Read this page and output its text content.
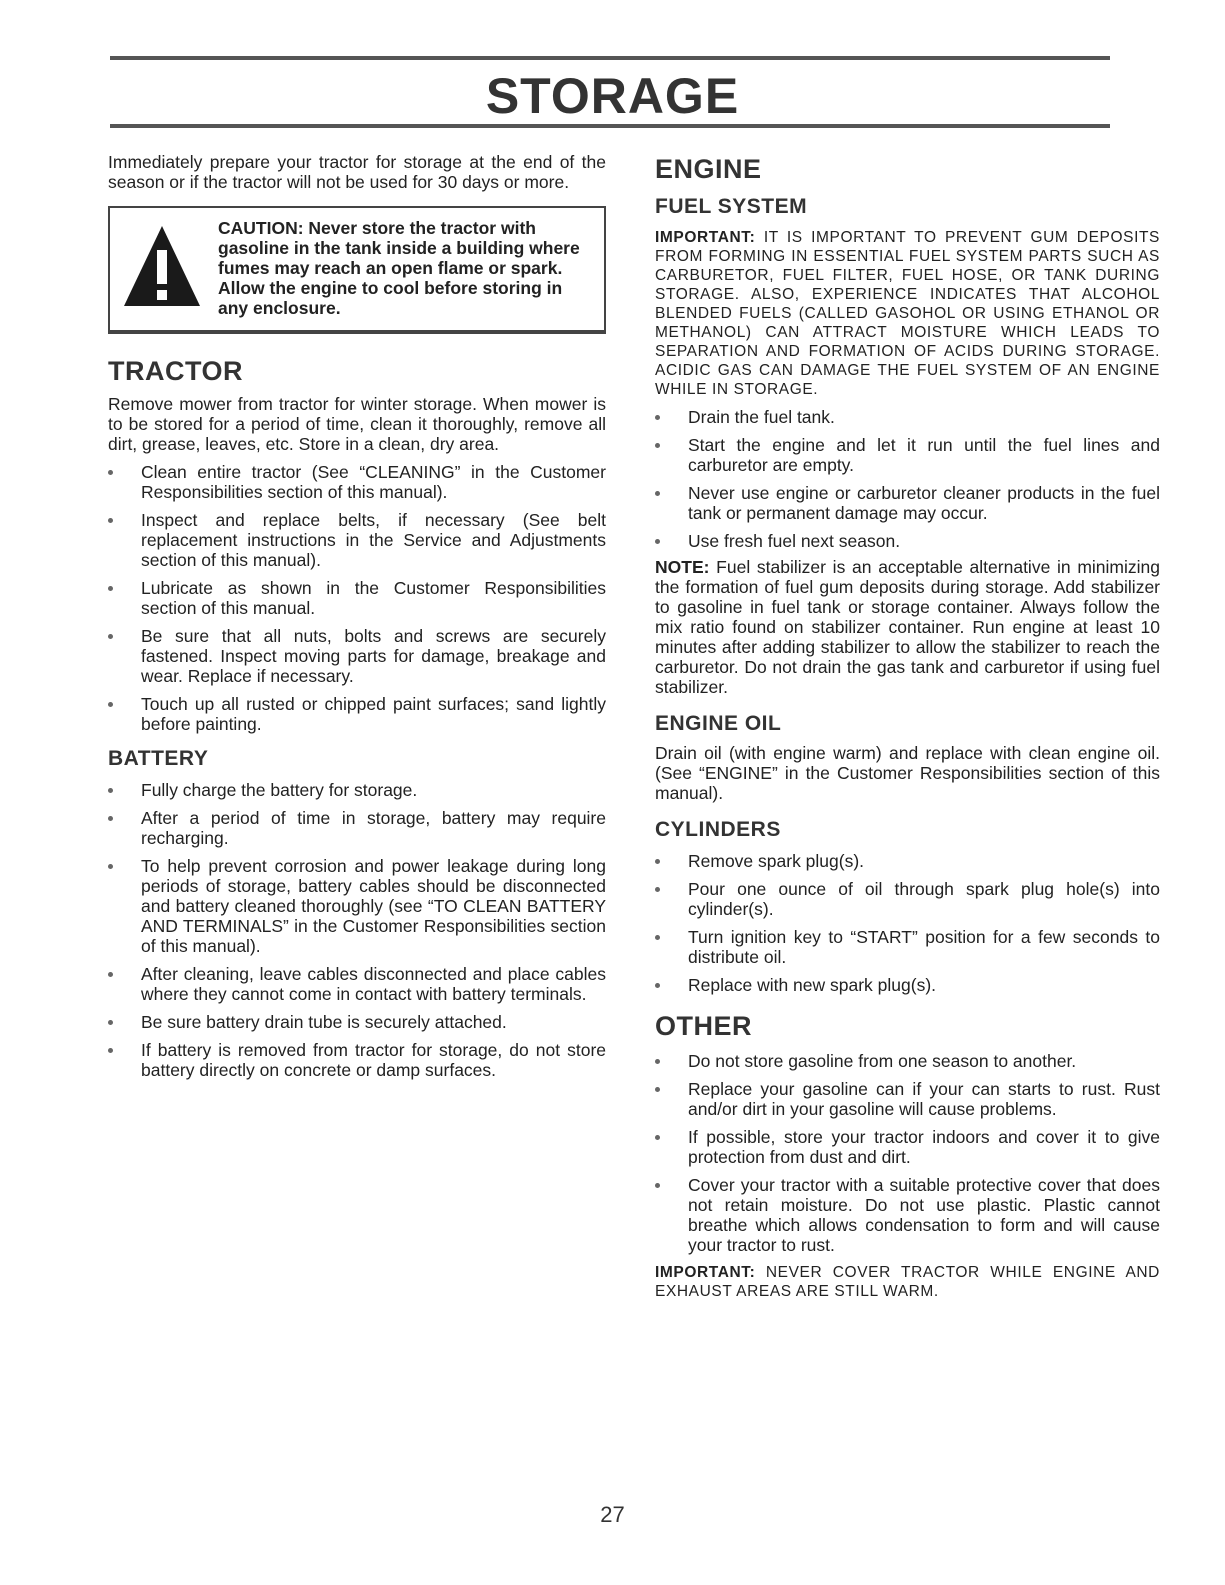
STORAGE

Immediately prepare your tractor for storage at the end of the season or if the tractor will not be used for 30 days or more.

CAUTION: Never store the tractor with gasoline in the tank inside a building where fumes may reach an open flame or spark. Allow the engine to cool before storing in any enclosure.
TRACTOR

Remove mower from tractor for winter storage. When mower is to be stored for a period of time, clean it thoroughly, remove all dirt, grease, leaves, etc. Store in a clean, dry area.

Clean entire tractor (See “CLEANING” in the Customer Responsibilities section of this manual).
Inspect and replace belts, if necessary (See belt replacement instructions in the Service and Adjustments section of this manual).
Lubricate as shown in the Customer Responsibilities section of this manual.
Be sure that all nuts, bolts and screws are securely fastened. Inspect moving parts for damage, breakage and wear. Replace if necessary.
Touch up all rusted or chipped paint surfaces; sand lightly before painting.
BATTERY
Fully charge the battery for storage.
After a period of time in storage, battery may require recharging.
To help prevent corrosion and power leakage during long periods of storage, battery cables should be disconnected and battery cleaned thoroughly (see “TO CLEAN BATTERY AND TERMINALS” in the Customer Responsibilities section of this manual).
After cleaning, leave cables disconnected and place cables where they cannot come in contact with battery terminals.
Be sure battery drain tube is securely attached.
If battery is removed from tractor for storage, do not store battery directly on concrete or damp surfaces.
ENGINE
FUEL SYSTEM

IMPORTANT: IT IS IMPORTANT TO PREVENT GUM DEPOSITS FROM FORMING IN ESSENTIAL FUEL SYSTEM PARTS SUCH AS CARBURETOR, FUEL FILTER, FUEL HOSE, OR TANK DURING STORAGE. ALSO, EXPERIENCE INDICATES THAT ALCOHOL BLENDED FUELS (CALLED GASOHOL OR USING ETHANOL OR METHANOL) CAN ATTRACT MOISTURE WHICH LEADS TO SEPARATION AND FORMATION OF ACIDS DURING STORAGE. ACIDIC GAS CAN DAMAGE THE FUEL SYSTEM OF AN ENGINE WHILE IN STORAGE.

Drain the fuel tank.
Start the engine and let it run until the fuel lines and carburetor are empty.
Never use engine or carburetor cleaner products in the fuel tank or permanent damage may occur.
Use fresh fuel next season.

NOTE: Fuel stabilizer is an acceptable alternative in minimizing the formation of fuel gum deposits during storage. Add stabilizer to gasoline in fuel tank or storage container. Always follow the mix ratio found on stabilizer container. Run engine at least 10 minutes after adding stabilizer to allow the stabilizer to reach the carburetor. Do not drain the gas tank and carburetor if using fuel stabilizer.

ENGINE OIL

Drain oil (with engine warm) and replace with clean engine oil. (See “ENGINE” in the Customer Responsibilities section of this manual).

CYLINDERS
Remove spark plug(s).
Pour one ounce of oil through spark plug hole(s) into cylinder(s).
Turn ignition key to “START” position for a few seconds to distribute oil.
Replace with new spark plug(s).
OTHER
Do not store gasoline from one season to another.
Replace your gasoline can if your can starts to rust. Rust and/or dirt in your gasoline will cause problems.
If possible, store your tractor indoors and cover it to give protection from dust and dirt.
Cover your tractor with a suitable protective cover that does not retain moisture. Do not use plastic. Plastic cannot breathe which allows condensation to form and will cause your tractor to rust.

IMPORTANT: NEVER COVER TRACTOR WHILE ENGINE AND EXHAUST AREAS ARE STILL WARM.

27
